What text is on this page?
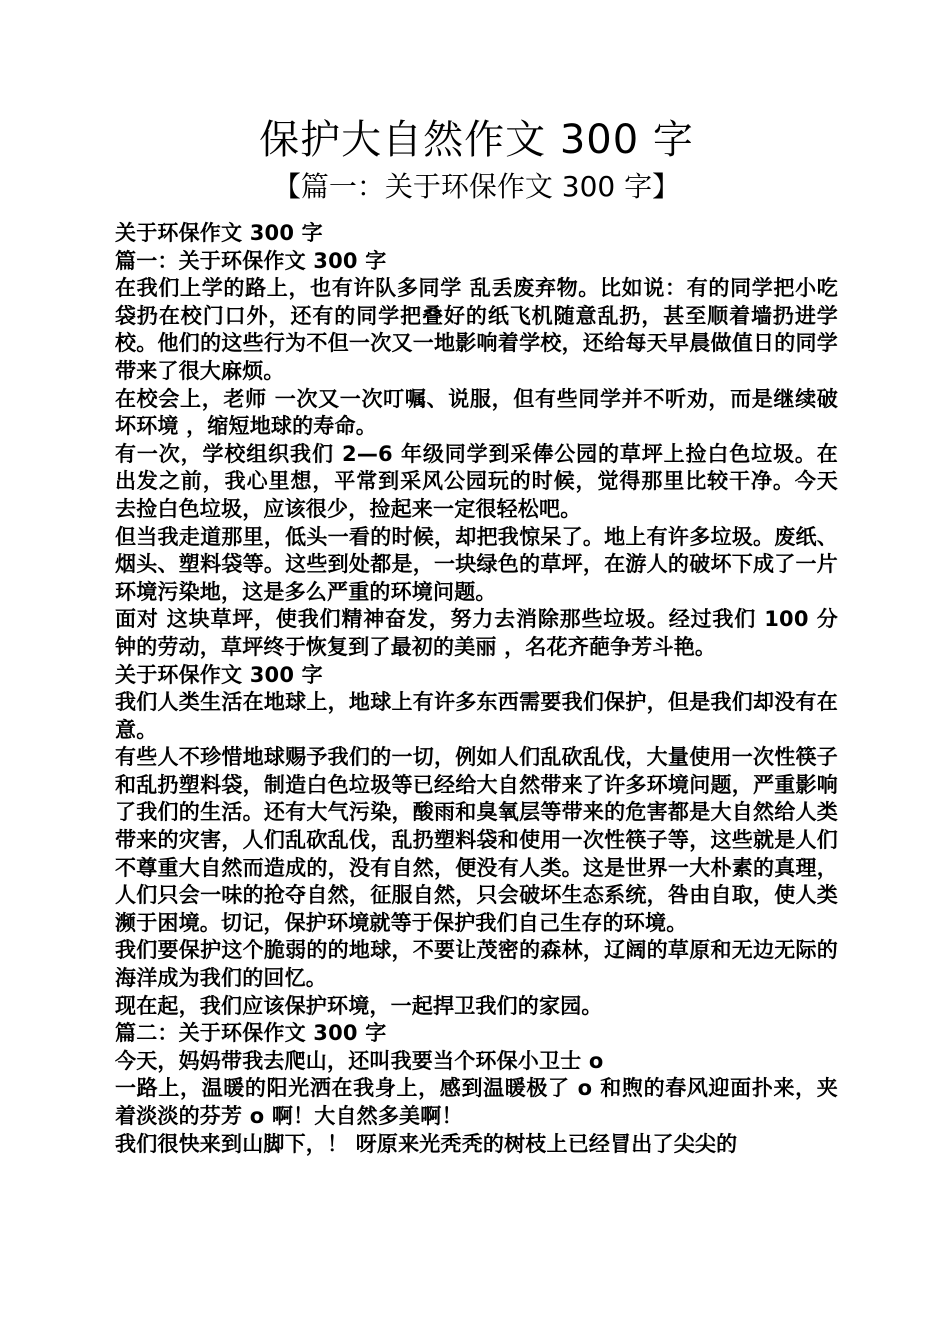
保护大自然作文 300 字
【篇一：关于环保作文 300 字】

关于环保作文 300 字

篇一：关于环保作文 300 字

在我们上学的路上，也有许队多同学 乱丢废弃物。比如说：有的同学把小吃袋扔在校门口外，还有的同学把叠好的纸飞机随意乱扔，甚至顺着墙扔进学校。他们的这些行为不但一次又一地影响着学校，还给每天早晨做值日的同学带来了很大麻烦。

在校会上，老师 一次又一次叮嘱、说服，但有些同学并不听劝，而是继续破坏环境 ，缩短地球的寿命。

有一次，学校组织我们 2—6 年级同学到采俸公园的草坪上捡白色垃圾。在出发之前，我心里想，平常到采风公园玩的时候，觉得那里比较干净。今天 去捡白色垃圾，应该很少，捡起来一定很轻松吧。

但当我走道那里，低头一看的时候，却把我惊呆了。地上有许多垃圾。废纸、烟头、塑料袋等。这些到处都是，一块绿色的草坪，在游人的破坏下成了一片环境污染地，这是多么严重的环境问题。

面对 这块草坪，使我们精神奋发，努力去消除那些垃圾。经过我们 100 分钟的劳动，草坪终于恢复到了最初的美丽 ，名花齐葩争芳斗艳。

关于环保作文 300 字

我们人类生活在地球上，地球上有许多东西需要我们保护，但是我们却没有在意。

有些人不珍惜地球赐予我们的一切，例如人们乱砍乱伐，大量使用一次性筷子和乱扔塑料袋，制造白色垃圾等已经给大自然带来了许多环境问题，严重影响了我们的生活。还有大气污染，酸雨和臭氧层等带来的危害都是大自然给人类带来的灾害，人们乱砍乱伐，乱扔塑料袋和使用一次性筷子等，这些就是人们不尊重大自然而造成的，没有自然，便没有人类。这是世界一大朴素的真理，人们只会一味的抢夺自然，征服自然，只会破坏生态系统，咎由自取，使人类濒于困境。切记，保护环境就等于保护我们自己生存的环境。

我们要保护这个脆弱的的地球，不要让茂密的森林，辽阔的草原和无边无际的海洋成为我们的回忆。

现在起，我们应该保护环境，一起捍卫我们的家园。

篇二：关于环保作文 300 字

今天，妈妈带我去爬山，还叫我要当个环保小卫士 o

一路上，温暖的阳光洒在我身上，感到温暖极了 o 和煦的春风迎面扑来，夹着淡淡的芬芳 o 啊！大自然多美啊！

我们很快来到山脚下，！ 呀原来光秃秃的树枝上已经冒出了尖尖的
